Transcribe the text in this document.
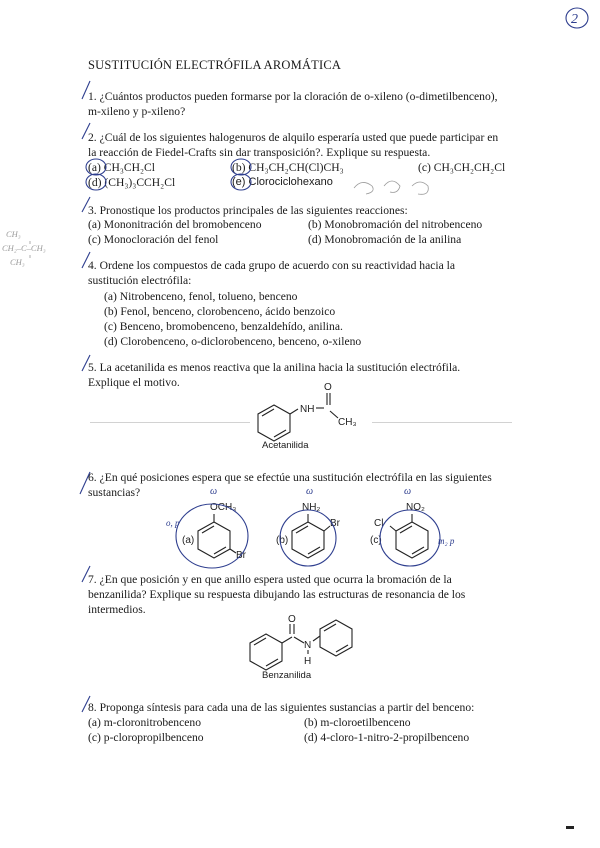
2
SUSTITUCIÓN ELECTRÓFILA AROMÁTICA
1. ¿Cuántos productos pueden formarse por la cloración de o-xileno (o-dimetilbenceno),
m-xileno y p-xileno?
2. ¿Cuál de los siguientes halogenuros de alquilo esperaría usted que puede participar en
la reacción de Fiedel-Crafts sin dar transposición?. Explique su respuesta.
(a) CH₃CH₂Cl	(b) CH₃CH₂CH(Cl)CH₃	(c) CH₃CH₂CH₂Cl
(d) (CH₃)₃CCH₂Cl	(e) Clorociclohexano
3. Pronostique los productos principales de las siguientes reacciones:
(a) Mononitración del bromobenceno	(b) Monobromación del nitrobenceno
(c) Monocloración del fenol	(d) Monobromación de la anilina
CH₃
CH₂–C–CH₃
CH₃	4. Ordene los compuestos de cada grupo de acuerdo con su reactividad hacia la
sustitución electrófila:
(a) Nitrobenceno, fenol, tolueno, benceno
(b) Fenol, benceno, clorobenceno, ácido benzoico
(c) Benceno, bromobenceno, benzaldehído, anilina.
(d) Clorobenceno, o-diclorobenceno, benceno, o-xileno
5. La acetanilida es menos reactiva que la anilina hacia la sustitución electrófila.
Explique el motivo.
NH
O
CH₃
Acetanilida
6. ¿En qué posiciones espera que se efectúe una sustitución electrófila en las siguientes
sustancias?
OCH₃
Br
(a)
NH₂
Br
(b)
NO₂
Cl
(c)
o, p
m₂ p
ω	ω	ω
7. ¿En que posición y en que anillo espera usted que ocurra la bromación de la
benzanilida? Explique su respuesta dibujando las estructuras de resonancia de los
intermedios.
O
N
H
Benzanilida
8. Proponga síntesis para cada una de las siguientes sustancias a partir del benceno:
(a) m-cloronitrobenceno	(b) m-cloroetilbenceno
(c) p-cloropropilbenceno	(d) 4-cloro-1-nitro-2-propilbenceno
